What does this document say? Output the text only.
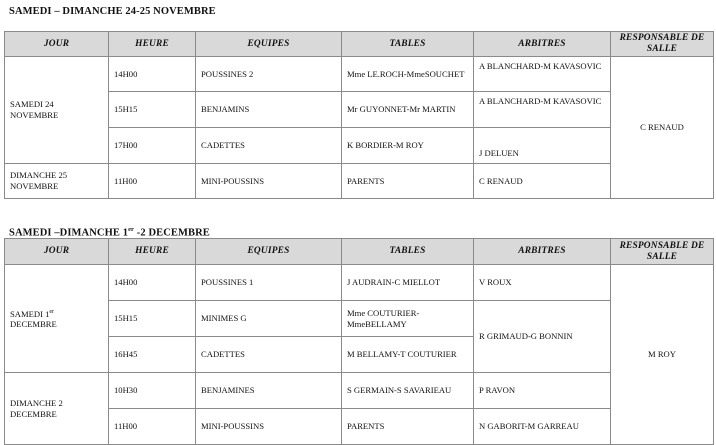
SAMEDI – DIMANCHE 24-25 NOVEMBRE
JOUR	HEURE	EQUIPES	TABLES	ARBITRES	RESPONSABLE DE SALLE
SAMEDI 24 NOVEMBRE	14H00	POUSSINES 2	Mme LE.ROCH-MmeSOUCHET	A BLANCHARD-M KAVASOVIC	C RENAUD
	15H15	BENJAMINS	Mr GUYONNET-Mr MARTIN	A BLANCHARD-M KAVASOVIC	
	17H00	CADETTES	K BORDIER-M ROY	J DELUEN	
DIMANCHE 25 NOVEMBRE	11H00	MINI-POUSSINS	PARENTS	C RENAUD	
SAMEDI –DIMANCHE 1er -2 DECEMBRE
JOUR	HEURE	EQUIPES	TABLES	ARBITRES	RESPONSABLE DE SALLE
SAMEDI 1er
DECEMBRE	14H00	POUSSINES 1	J AUDRAIN-C MIELLOT	V ROUX	M ROY
	15H15	MINIMES G	Mme COUTURIER-MmeBELLAMY	R GRIMAUD-G BONNIN	
	16H45	CADETTES	M BELLAMY-T COUTURIER		
DIMANCHE 2 DECEMBRE	10H30	BENJAMINES	S GERMAIN-S SAVARIEAU	P RAVON	
	11H00	MINI-POUSSINS	PARENTS	N GABORIT-M GARREAU	
